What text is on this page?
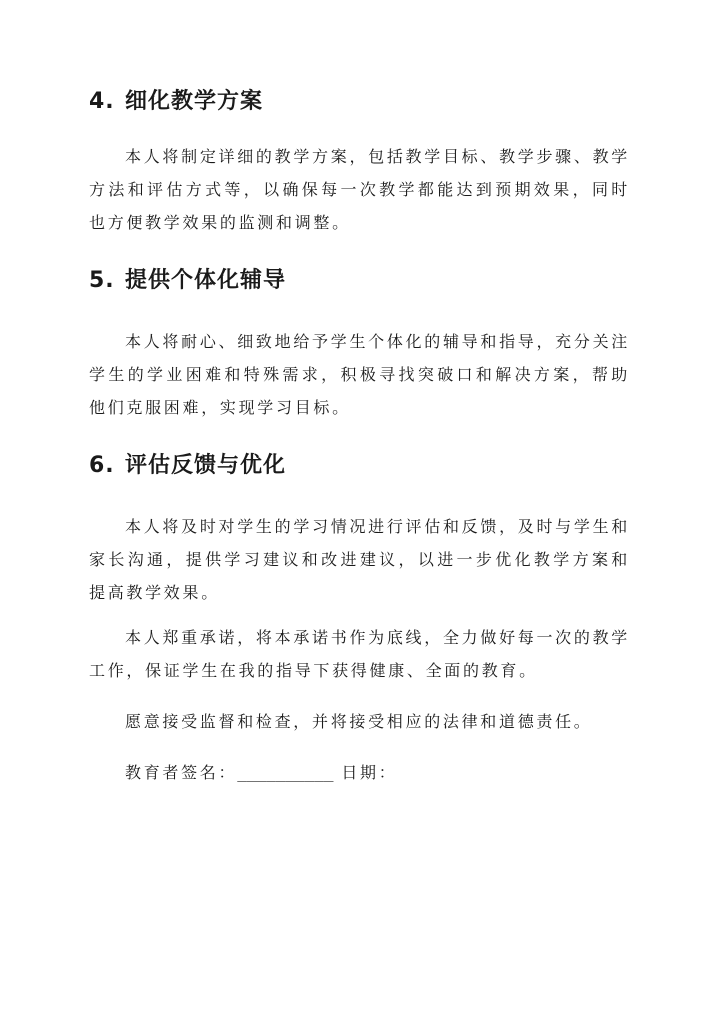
4. 细化教学方案

本人将制定详细的教学方案，包括教学目标、教学步骤、教学方法和评估方式等，以确保每一次教学都能达到预期效果，同时也方便教学效果的监测和调整。

5. 提供个体化辅导

本人将耐心、细致地给予学生个体化的辅导和指导，充分关注学生的学业困难和特殊需求，积极寻找突破口和解决方案，帮助他们克服困难，实现学习目标。

6. 评估反馈与优化

本人将及时对学生的学习情况进行评估和反馈，及时与学生和家长沟通，提供学习建议和改进建议，以进一步优化教学方案和提高教学效果。

本人郑重承诺，将本承诺书作为底线，全力做好每一次的教学工作，保证学生在我的指导下获得健康、全面的教育。

愿意接受监督和检查，并将接受相应的法律和道德责任。

教育者签名：__________ 日期：
